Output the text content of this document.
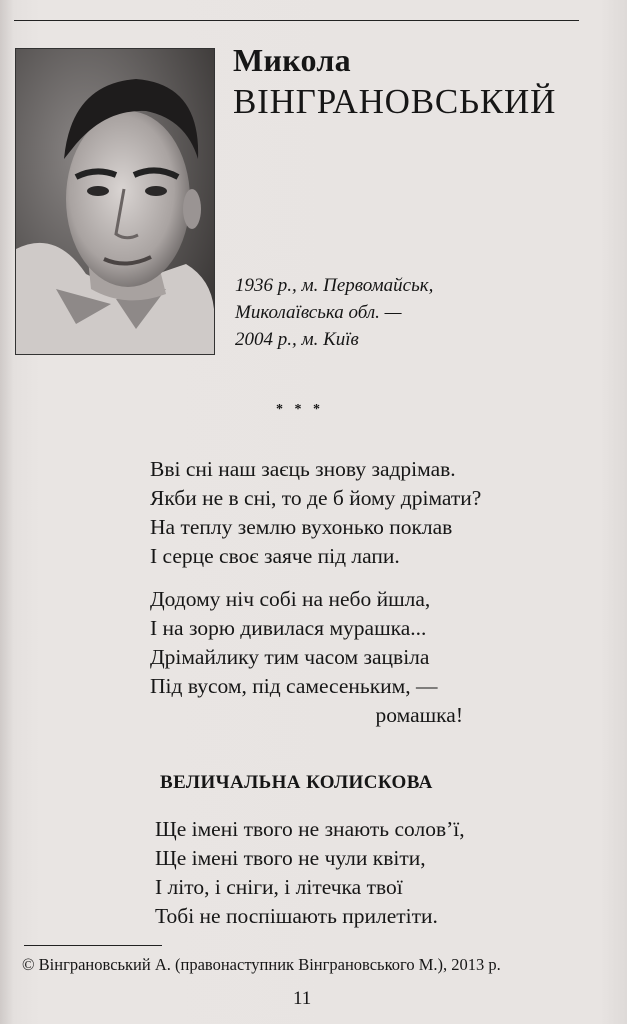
Микола
ВІНГРАНОВСЬКИЙ
1936 р., м. Первомайськ,
Миколаївська обл. —
2004 р., м. Київ
* * *
Вві сні наш заєць знову задрімав.
Якби не в сні, то де б йому дрімати?
На теплу землю вухонько поклав
І серце своє заяче під лапи.
Додому ніч собі на небо йшла,
І на зорю дивилася мурашка...
Дрімайлику тим часом зацвіла
Під вусом, під самесеньким, —
ромашка!
ВЕЛИЧАЛЬНА КОЛИСКОВА
Ще імені твого не знають солов’ї,
Ще імені твого не чули квіти,
І літо, і сніги, і літечка твої
Тобі не поспішають прилетіти.
© Вінграновський А. (правонаступник Вінграновського М.), 2013 р.
11
